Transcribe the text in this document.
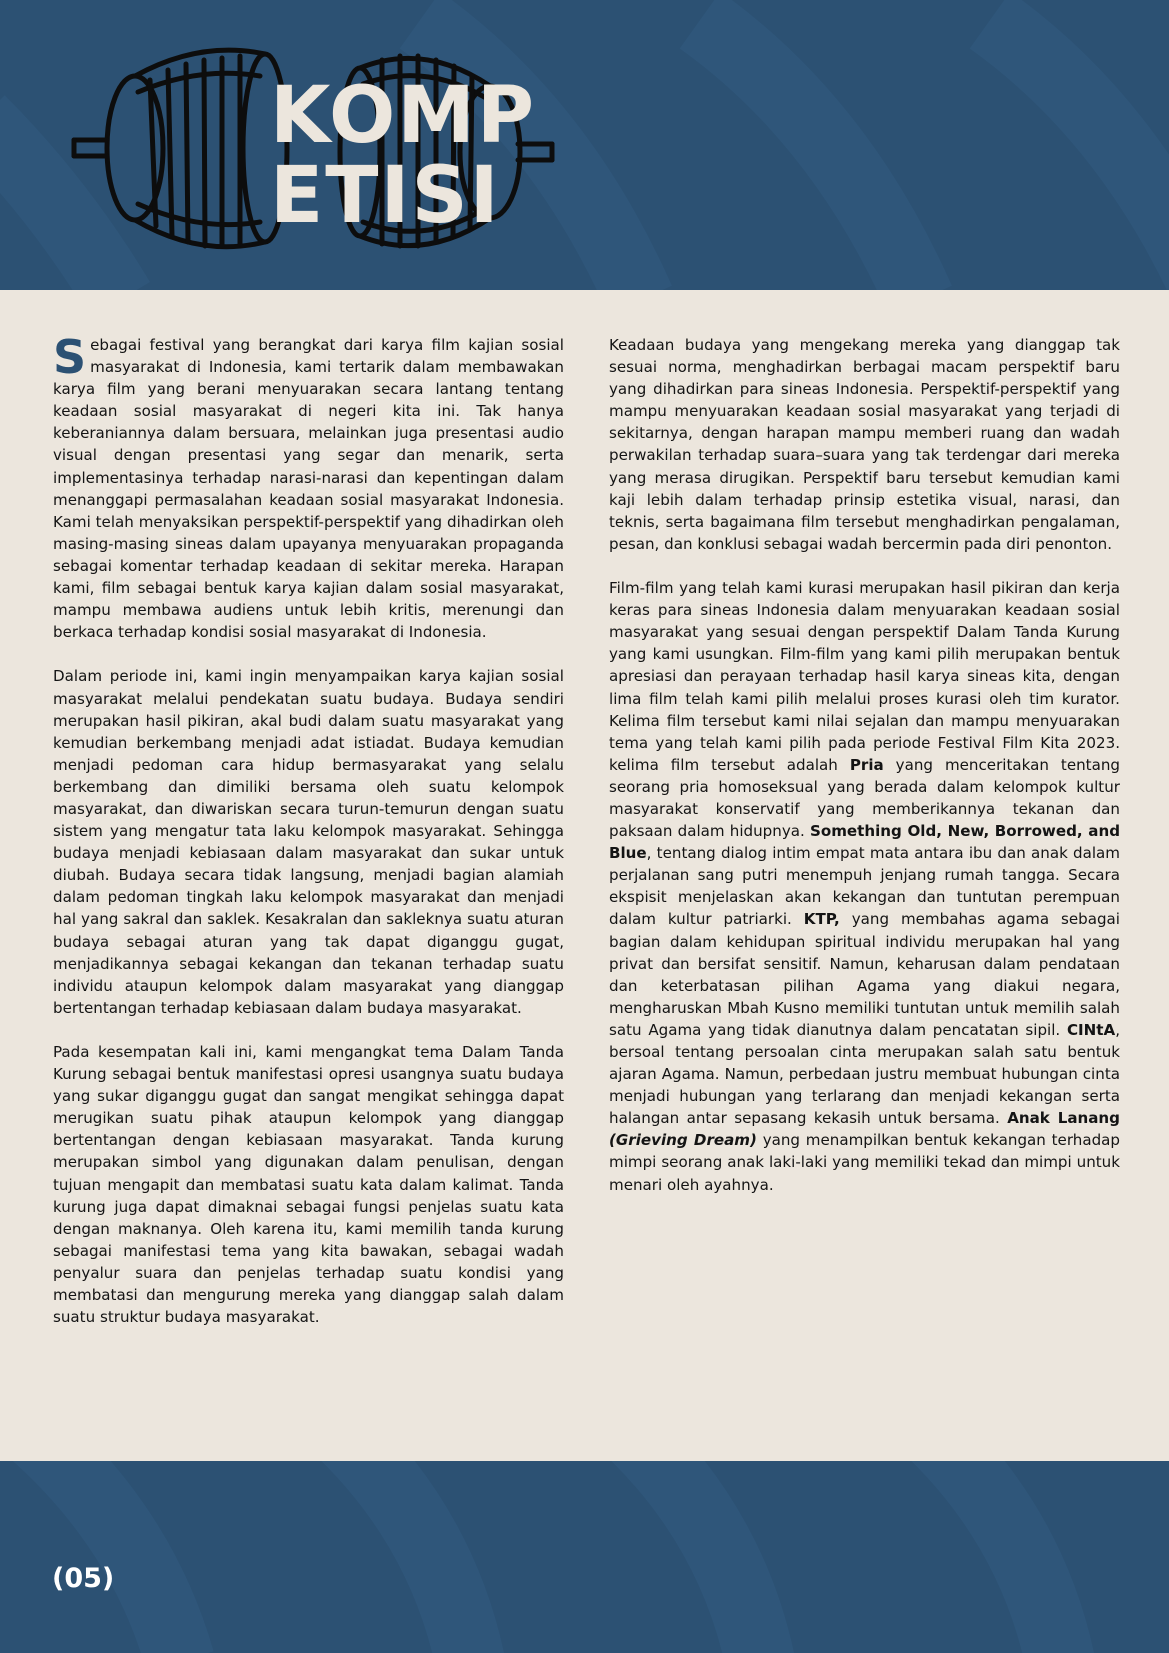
KOMP
ETISI

Sebagai festival yang berangkat dari karya film kajian sosial masyarakat di Indonesia, kami tertarik dalam membawakan karya film yang berani menyuarakan secara lantang tentang keadaan sosial masyarakat di negeri kita ini. Tak hanya keberaniannya dalam bersuara, melainkan juga presentasi audio visual dengan presentasi yang segar dan menarik, serta implementasinya terhadap narasi-narasi dan kepentingan dalam menanggapi permasalahan keadaan sosial masyarakat Indonesia. Kami telah menyaksikan perspektif-perspektif yang dihadirkan oleh masing-masing sineas dalam upayanya menyuarakan propaganda sebagai komentar terhadap keadaan di sekitar mereka. Harapan kami, film sebagai bentuk karya kajian dalam sosial masyarakat, mampu membawa audiens untuk lebih kritis, merenungi dan berkaca terhadap kondisi sosial masyarakat di Indonesia.

Dalam periode ini, kami ingin menyampaikan karya kajian sosial masyarakat melalui pendekatan suatu budaya. Budaya sendiri merupakan hasil pikiran, akal budi dalam suatu masyarakat yang kemudian berkembang menjadi adat istiadat. Budaya kemudian menjadi pedoman cara hidup bermasyarakat yang selalu berkembang dan dimiliki bersama oleh suatu kelompok masyarakat, dan diwariskan secara turun-temurun dengan suatu sistem yang mengatur tata laku kelompok masyarakat. Sehingga budaya menjadi kebiasaan dalam masyarakat dan sukar untuk diubah. Budaya secara tidak langsung, menjadi bagian alamiah dalam pedoman tingkah laku kelompok masyarakat dan menjadi hal yang sakral dan saklek. Kesakralan dan sakleknya suatu aturan budaya sebagai aturan yang tak dapat diganggu gugat, menjadikannya sebagai kekangan dan tekanan terhadap suatu individu ataupun kelompok dalam masyarakat yang dianggap bertentangan terhadap kebiasaan dalam budaya masyarakat.

Pada kesempatan kali ini, kami mengangkat tema Dalam Tanda Kurung sebagai bentuk manifestasi opresi usangnya suatu budaya yang sukar diganggu gugat dan sangat mengikat sehingga dapat merugikan suatu pihak ataupun kelompok yang dianggap bertentangan dengan kebiasaan masyarakat. Tanda kurung merupakan simbol yang digunakan dalam penulisan, dengan tujuan mengapit dan membatasi suatu kata dalam kalimat. Tanda kurung juga dapat dimaknai sebagai fungsi penjelas suatu kata dengan maknanya. Oleh karena itu, kami memilih tanda kurung sebagai manifestasi tema yang kita bawakan, sebagai wadah penyalur suara dan penjelas terhadap suatu kondisi yang membatasi dan mengurung mereka yang dianggap salah dalam suatu struktur budaya masyarakat.

Keadaan budaya yang mengekang mereka yang dianggap tak sesuai norma, menghadirkan berbagai macam perspektif baru yang dihadirkan para sineas Indonesia. Perspektif-perspektif yang mampu menyuarakan keadaan sosial masyarakat yang terjadi di sekitarnya, dengan harapan mampu memberi ruang dan wadah perwakilan terhadap suara–suara yang tak terdengar dari mereka yang merasa dirugikan. Perspektif baru tersebut kemudian kami kaji lebih dalam terhadap prinsip estetika visual, narasi, dan teknis, serta bagaimana film tersebut menghadirkan pengalaman, pesan, dan konklusi sebagai wadah bercermin pada diri penonton.

Film-film yang telah kami kurasi merupakan hasil pikiran dan kerja keras para sineas Indonesia dalam menyuarakan keadaan sosial masyarakat yang sesuai dengan perspektif Dalam Tanda Kurung yang kami usungkan. Film-film yang kami pilih merupakan bentuk apresiasi dan perayaan terhadap hasil karya sineas kita, dengan lima film telah kami pilih melalui proses kurasi oleh tim kurator. Kelima film tersebut kami nilai sejalan dan mampu menyuarakan tema yang telah kami pilih pada periode Festival Film Kita 2023. kelima film tersebut adalah Pria yang menceritakan tentang seorang pria homoseksual yang berada dalam kelompok kultur masyarakat konservatif yang memberikannya tekanan dan paksaan dalam hidupnya. Something Old, New, Borrowed, and Blue, tentang dialog intim empat mata antara ibu dan anak dalam perjalanan sang putri menempuh jenjang rumah tangga. Secara ekspisit menjelaskan akan kekangan dan tuntutan perempuan dalam kultur patriarki. KTP, yang membahas agama sebagai bagian dalam kehidupan spiritual individu merupakan hal yang privat dan bersifat sensitif. Namun, keharusan dalam pendataan dan keterbatasan pilihan Agama yang diakui negara, mengharuskan Mbah Kusno memiliki tuntutan untuk memilih salah satu Agama yang tidak dianutnya dalam pencatatan sipil. CINtA, bersoal tentang persoalan cinta merupakan salah satu bentuk ajaran Agama. Namun, perbedaan justru membuat hubungan cinta menjadi hubungan yang terlarang dan menjadi kekangan serta halangan antar sepasang kekasih untuk bersama. Anak Lanang (Grieving Dream) yang menampilkan bentuk kekangan terhadap mimpi seorang anak laki-laki yang memiliki tekad dan mimpi untuk menari oleh ayahnya.

(05)
